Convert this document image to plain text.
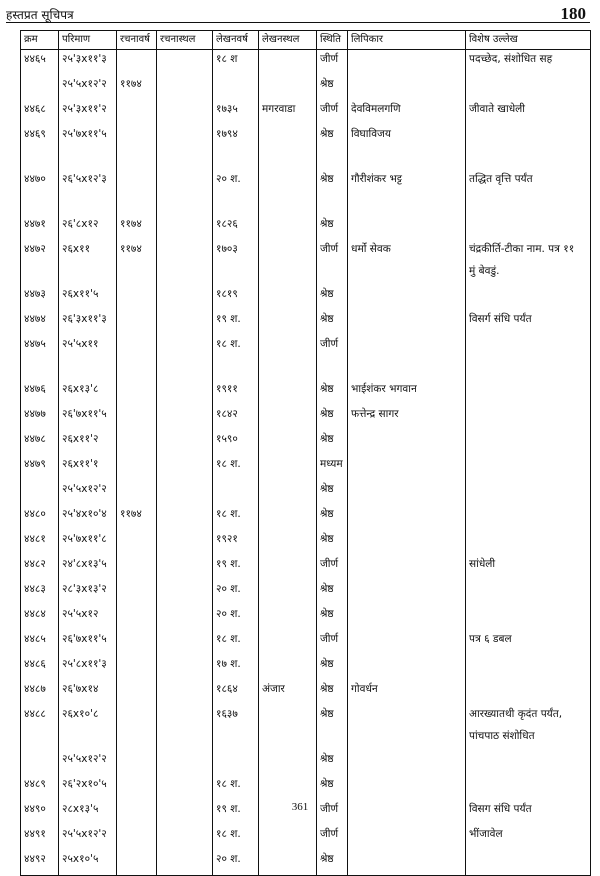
हस्तप्रत सूचिपत्र	180
क्रम	परिमाण	रचनावर्ष	रचनास्थल	लेखनवर्ष	लेखनस्थल	स्थिति	लिपिकार	विशेष उल्लेख
४४६५	२५'३x११'३			१८ श		जीर्ण		पदच्छेद, संशोधित सह
	२५'५x१२'२	११७४				श्रेष्ठ		
४४६८	२५'३x११'२			१७३५	मगरवाडा	जीर्ण	देवविमलगणि	जीवाते खाधेली
४४६९	२५'७x११'५			१७९४		श्रेष्ठ	विघाविजय	
४४७०	२६'५x१२'३			२० श.		श्रेष्ठ	गौरीशंकर भट्ट	तद्धित वृत्ति पर्यंत
४४७१	२६'८x१२	११७४		१८२६		श्रेष्ठ		
४४७२	२६x११	११७४		१७०३		जीर्ण	धर्मो सेवक	चंद्रकीर्ति-टीका नाम. पत्र ११
मुं बेवडुं.

४४७३	२६x११'५			१८१९		श्रेष्ठ		
४४७४	२६'३x११'३			१९ श.		श्रेष्ठ		विसर्ग संधि पर्यंत
४४७५	२५'५x११			१८ श.		जीर्ण		
४४७६	२६x१३'८			१९११		श्रेष्ठ	भाईशंकर भगवान	
४४७७	२६'७x११'५			१८४२		श्रेष्ठ	फत्तेन्द्र सागर	
४४७८	२६x११'२			१५९०		श्रेष्ठ		
४४७९	२६x११'१			१८ श.		मध्यम		
	२५'५x१२'२					श्रेष्ठ		
४४८०	२५'४x१०'४	११७४		१८ श.		श्रेष्ठ		
४४८१	२५'७x११'८			१९२१		श्रेष्ठ		
४४८२	२४'८x१३'५			१९ श.		जीर्ण		सांधेली
४४८३	२८'३x१३'२			२० श.		श्रेष्ठ		
४४८४	२५'५x१२			२० श.		श्रेष्ठ		
४४८५	२६'७x११'५			१८ श.		जीर्ण		पत्र ६ डबल
४४८६	२५'८x११'३			१७ श.		श्रेष्ठ		
४४८७	२६'७x१४			१८६४	अंजार	श्रेष्ठ	गोवर्धन	
४४८८	२६x१०'८			१६३७		श्रेष्ठ		आरख्यातथी कृदंत पर्यंत,
पांचपाठ संशोधित

	२५'५x१२'२					श्रेष्ठ		
४४८९	२६'२x१०'५			१८ श.		श्रेष्ठ		
४४९०	२८x१३'५			१९ श.		जीर्ण		विसग संधि पर्यंत
४४९१	२५'५x१२'२			१८ श.		जीर्ण		भींजावेल
४४९२	२५x१०'५			२० श.		श्रेष्ठ		
361
